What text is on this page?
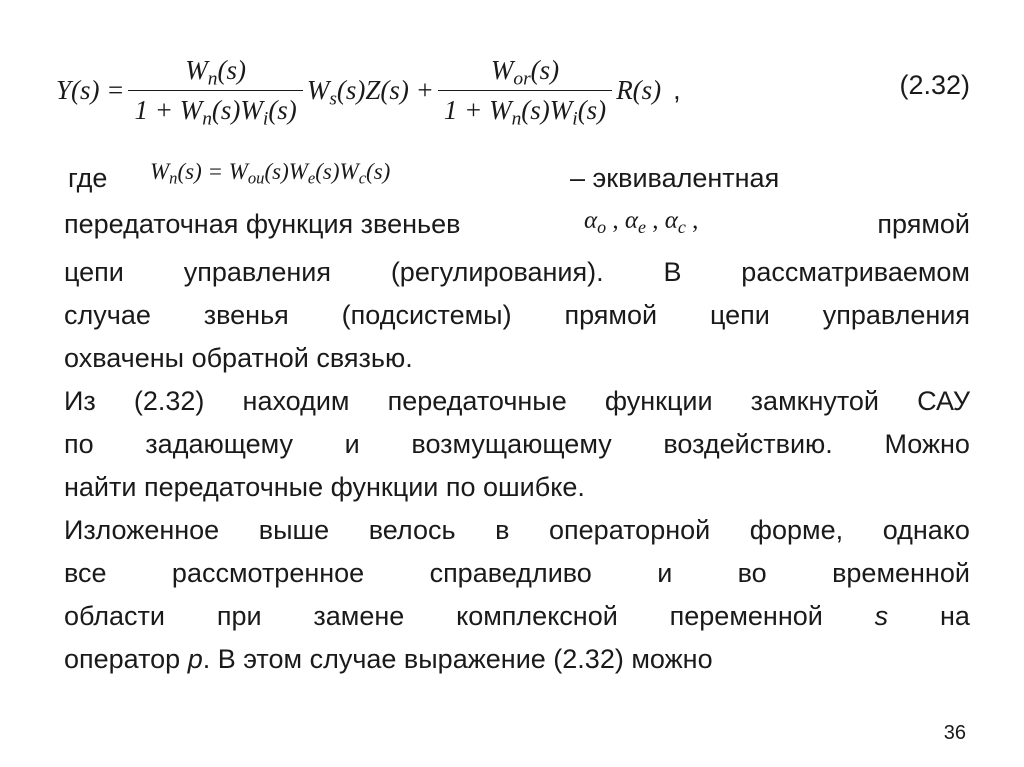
$Y(s) = \frac{W_n(s)}{1 + W_n(s)W_i(s)} W_s(s)Z(s) + \frac{W_{or}(s)}{1 + W_n(s)W_i(s)} R(s)$ ,	(2.32)
где $W_n(s) = W_{ou}(s)W_e(s)W_c(s)$	– эквивалентная
передаточная функция звеньев	$\alpha_o$ , $\alpha_e$ , $\alpha_c$ ,	прямой
цепи управления (регулирования). В рассматриваемом
случае звенья (подсистемы) прямой цепи управления
охвачены обратной связью.
Из (2.32) находим передаточные функции замкнутой САУ
по задающему и возмущающему воздействию. Можно
найти передаточные функции по ошибке.
Изложенное выше велось в операторной форме, однако
все рассмотренное справедливо и во временной
области при замене комплексной переменной s на
оператор p. В этом случае выражение (2.32) можно
36
